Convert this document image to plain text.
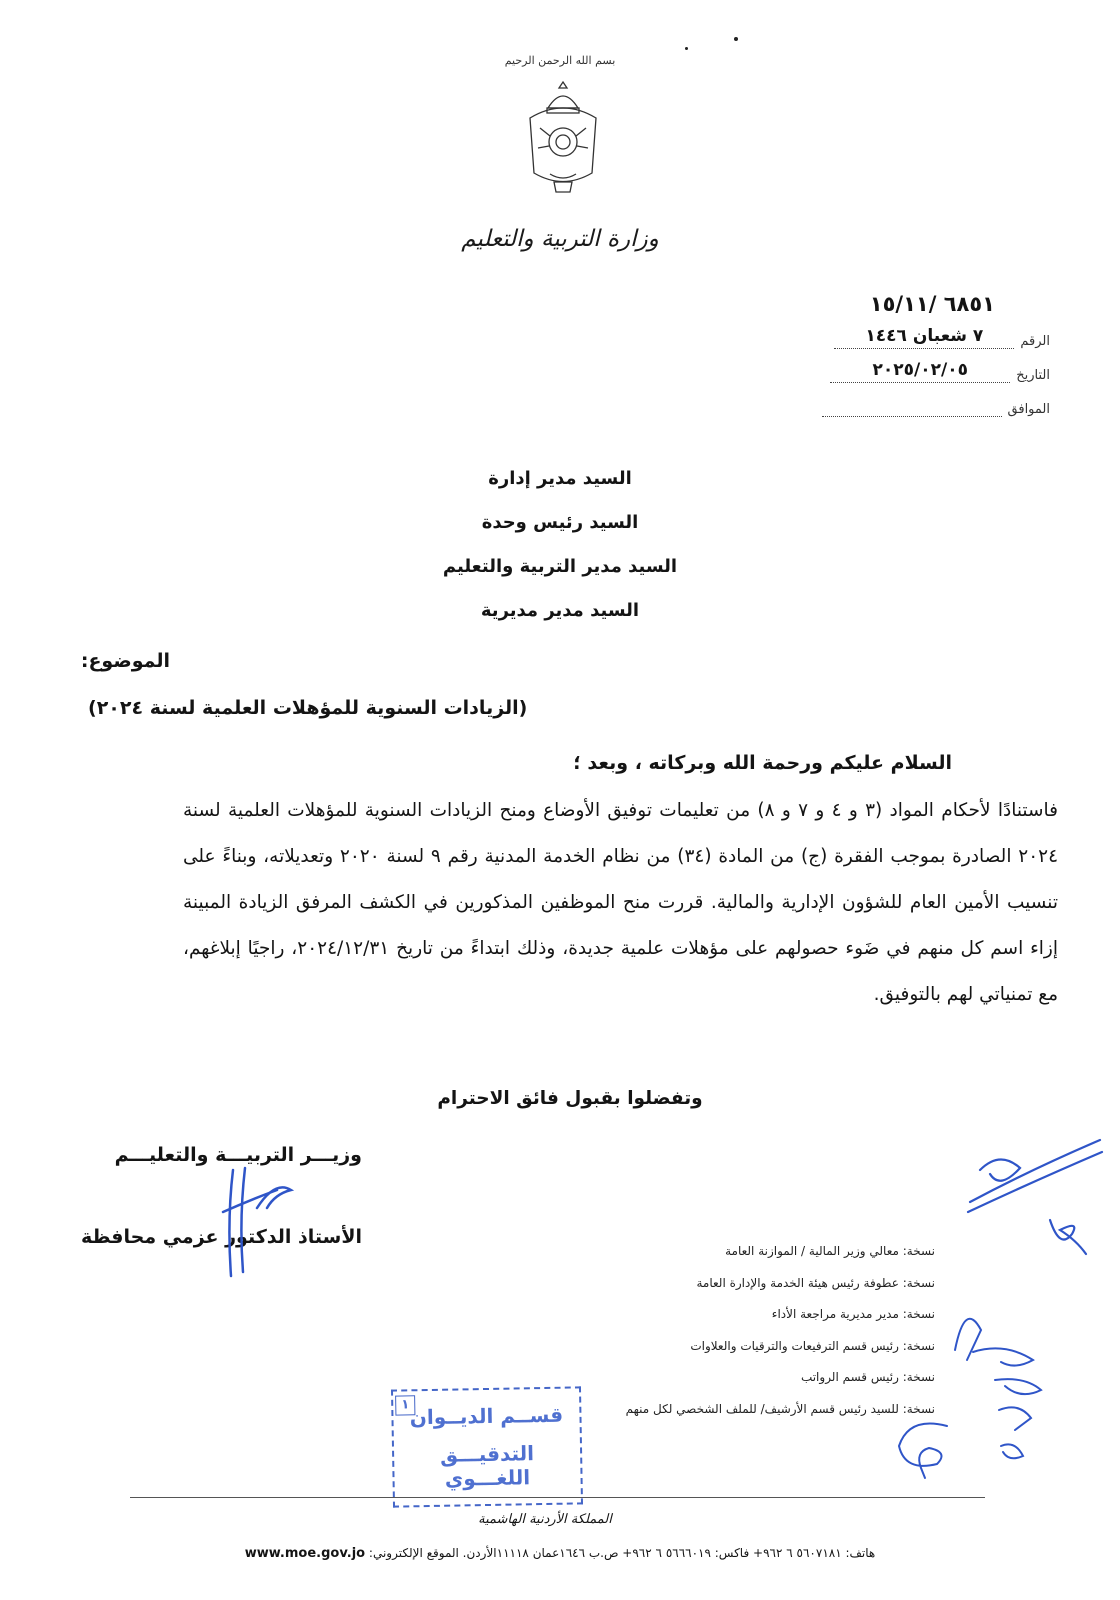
بسم الله الرحمن الرحيم
وزارة التربية والتعليم
٦٨٥١ /١٥/١١
الرقم
٧ شعبان ١٤٤٦
التاريخ
٢٠٢٥/٠٢/٠٥
الموافق
السيد مدير إدارة
السيد رئيس وحدة
السيد مدير التربية والتعليم
السيد مدير مديرية
الموضوع:
(الزيادات السنوية للمؤهلات العلمية لسنة ٢٠٢٤)
السلام عليكم ورحمة الله وبركاته ، وبعد ؛

فاستنادًا لأحكام المواد (٣ و ٤ و ٧ و ٨) من تعليمات توفيق الأوضاع ومنح الزيادات السنوية للمؤهلات العلمية لسنة ٢٠٢٤ الصادرة بموجب الفقرة (ج) من المادة (٣٤) من نظام الخدمة المدنية رقم ٩ لسنة ٢٠٢٠ وتعديلاته، وبناءً على تنسيب الأمين العام للشؤون الإدارية والمالية. قررت منح الموظفين المذكورين في الكشف المرفق الزيادة المبينة إزاء اسم كل منهم في ضَوء حصولهم على مؤهلات علمية جديدة، وذلك ابتداءً من تاريخ ٢٠٢٤/١٢/٣١، راجيًا إبلاغهم، مع تمنياتي لهم بالتوفيق.

وتفضلوا بقبول فائق الاحترام
وزيـــر التربيـــة والتعليـــم
الأستاذ الدكتور عزمي محافظة
نسخة: معالي وزير المالية / الموازنة العامة
نسخة: عطوفة رئيس هيئة الخدمة والإدارة العامة
نسخة: مدير مديرية مراجعة الأداء
نسخة: رئيس قسم الترفيعات والترقيات والعلاوات
نسخة: رئيس قسم الرواتب
نسخة: للسيد رئيس قسم الأرشيف/ للملف الشخصي لكل منهم
١ قســم الديــوان
التدقيـــق اللغـــوي
المملكة الأردنية الهاشمية
هاتف: ٥٦٠٧١٨١ ٦ ٩٦٢+ فاكس: ٥٦٦٦٠١٩ ٦ ٩٦٢+ ص.ب ١٦٤٦عمان ١١١١٨الأردن. الموقع الإلكتروني: www.moe.gov.jo
